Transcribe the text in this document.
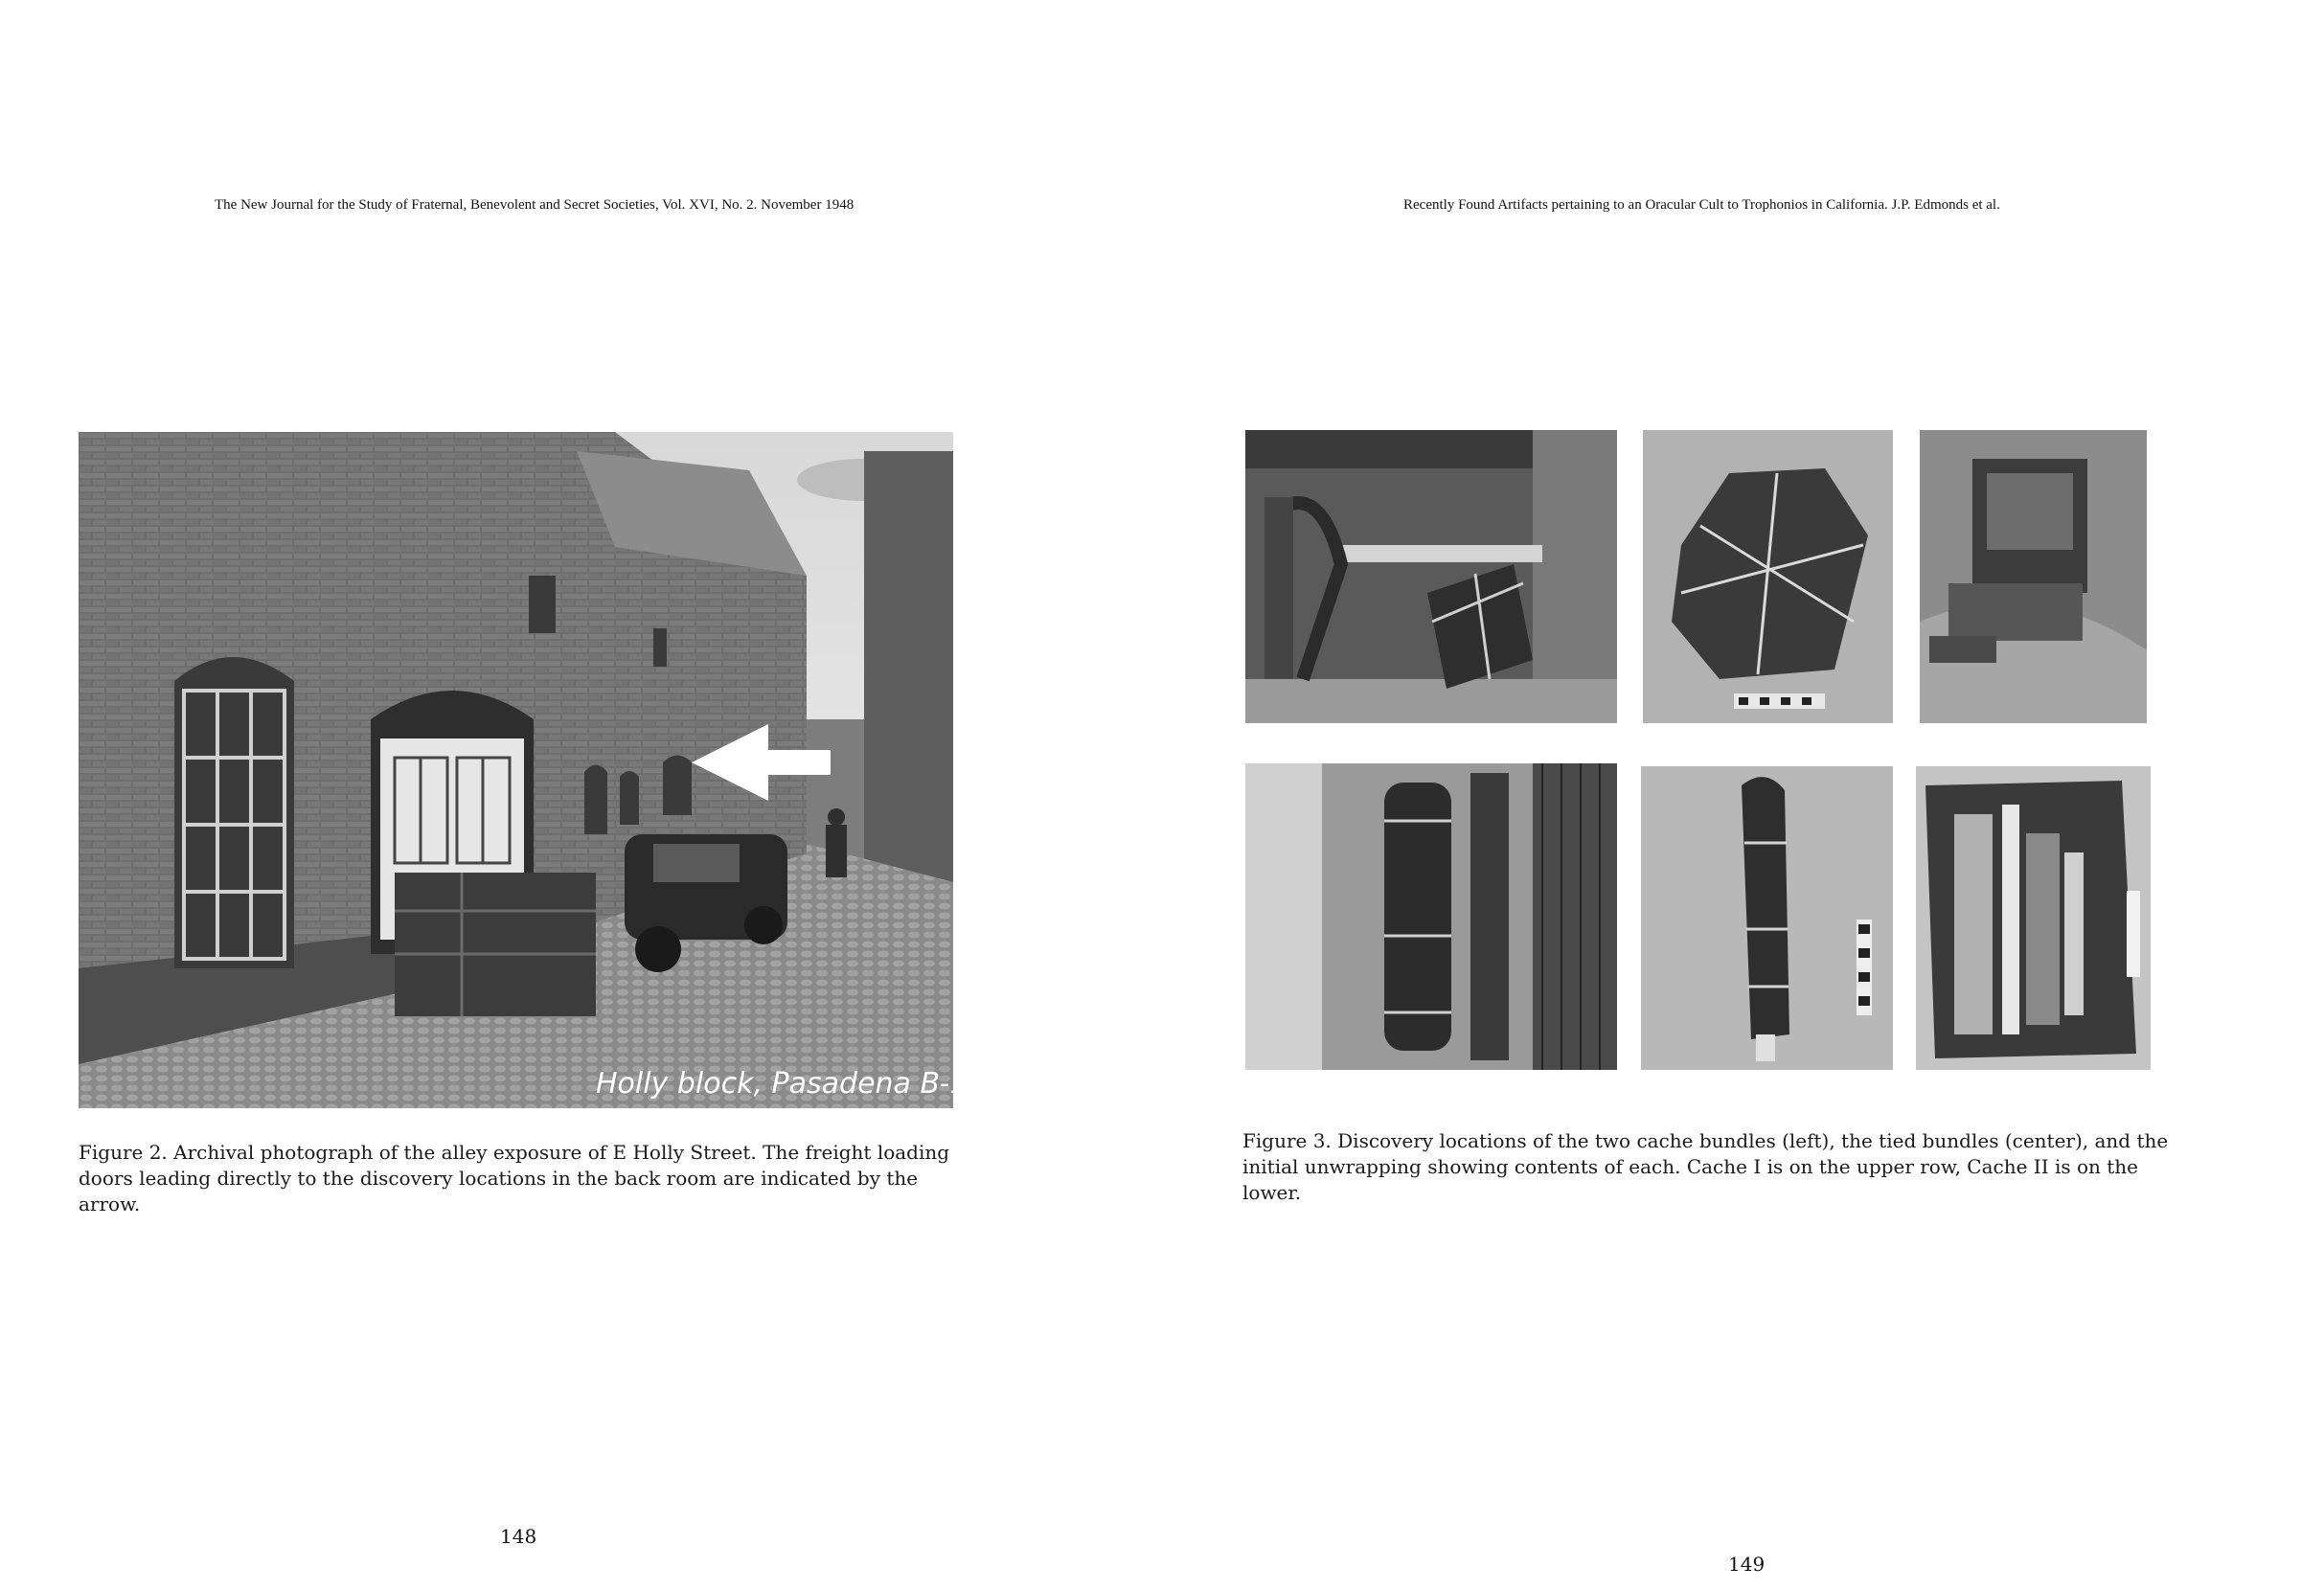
The New Journal for the Study of Fraternal, Benevolent and Secret Societies, Vol. XVI, No. 2. November 1948
Holly block, Pasadena B-1027
Figure 2. Archival photograph of the alley exposure of E Holly Street. The freight loading doors leading directly to the discovery locations in the back room are indicated by the arrow.
148
Recently Found Artifacts pertaining to an Oracular Cult to Trophonios in California. J.P. Edmonds et al.
Figure 3. Discovery locations of the two cache bundles (left), the tied bundles (center), and the initial unwrapping showing contents of each. Cache I is on the upper row, Cache II is on the lower.
149
